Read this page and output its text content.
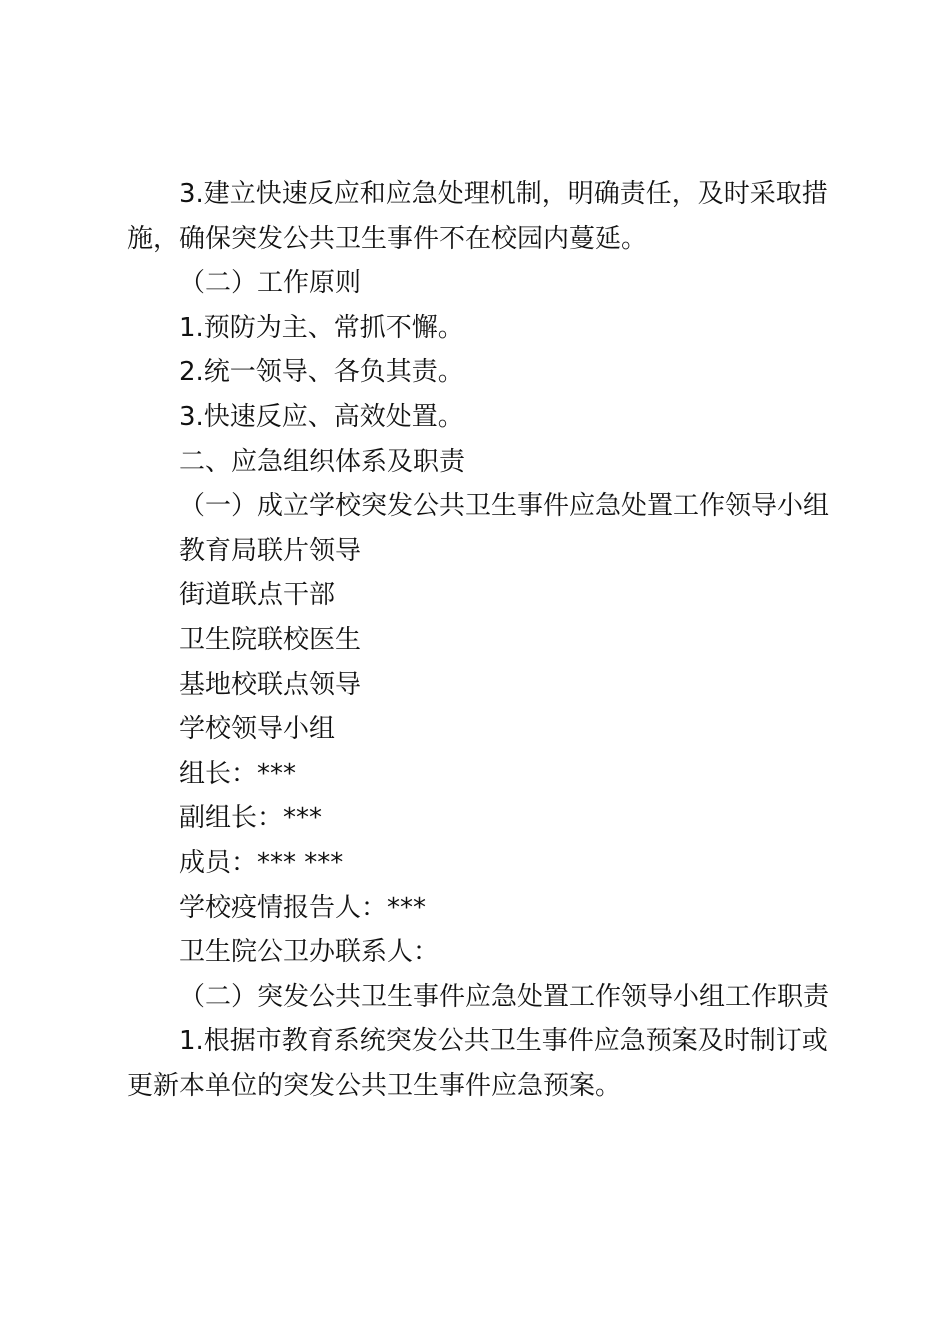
3.建立快速反应和应急处理机制，明确责任，及时采取措
施，确保突发公共卫生事件不在校园内蔓延。
（二）工作原则
1.预防为主、常抓不懈。
2.统一领导、各负其责。
3.快速反应、高效处置。
二、应急组织体系及职责
（一）成立学校突发公共卫生事件应急处置工作领导小组
教育局联片领导
街道联点干部
卫生院联校医生
基地校联点领导
学校领导小组
组长：***
副组长：***
成员：*** ***
学校疫情报告人：***
卫生院公卫办联系人：
（二）突发公共卫生事件应急处置工作领导小组工作职责
1.根据市教育系统突发公共卫生事件应急预案及时制订或
更新本单位的突发公共卫生事件应急预案。
